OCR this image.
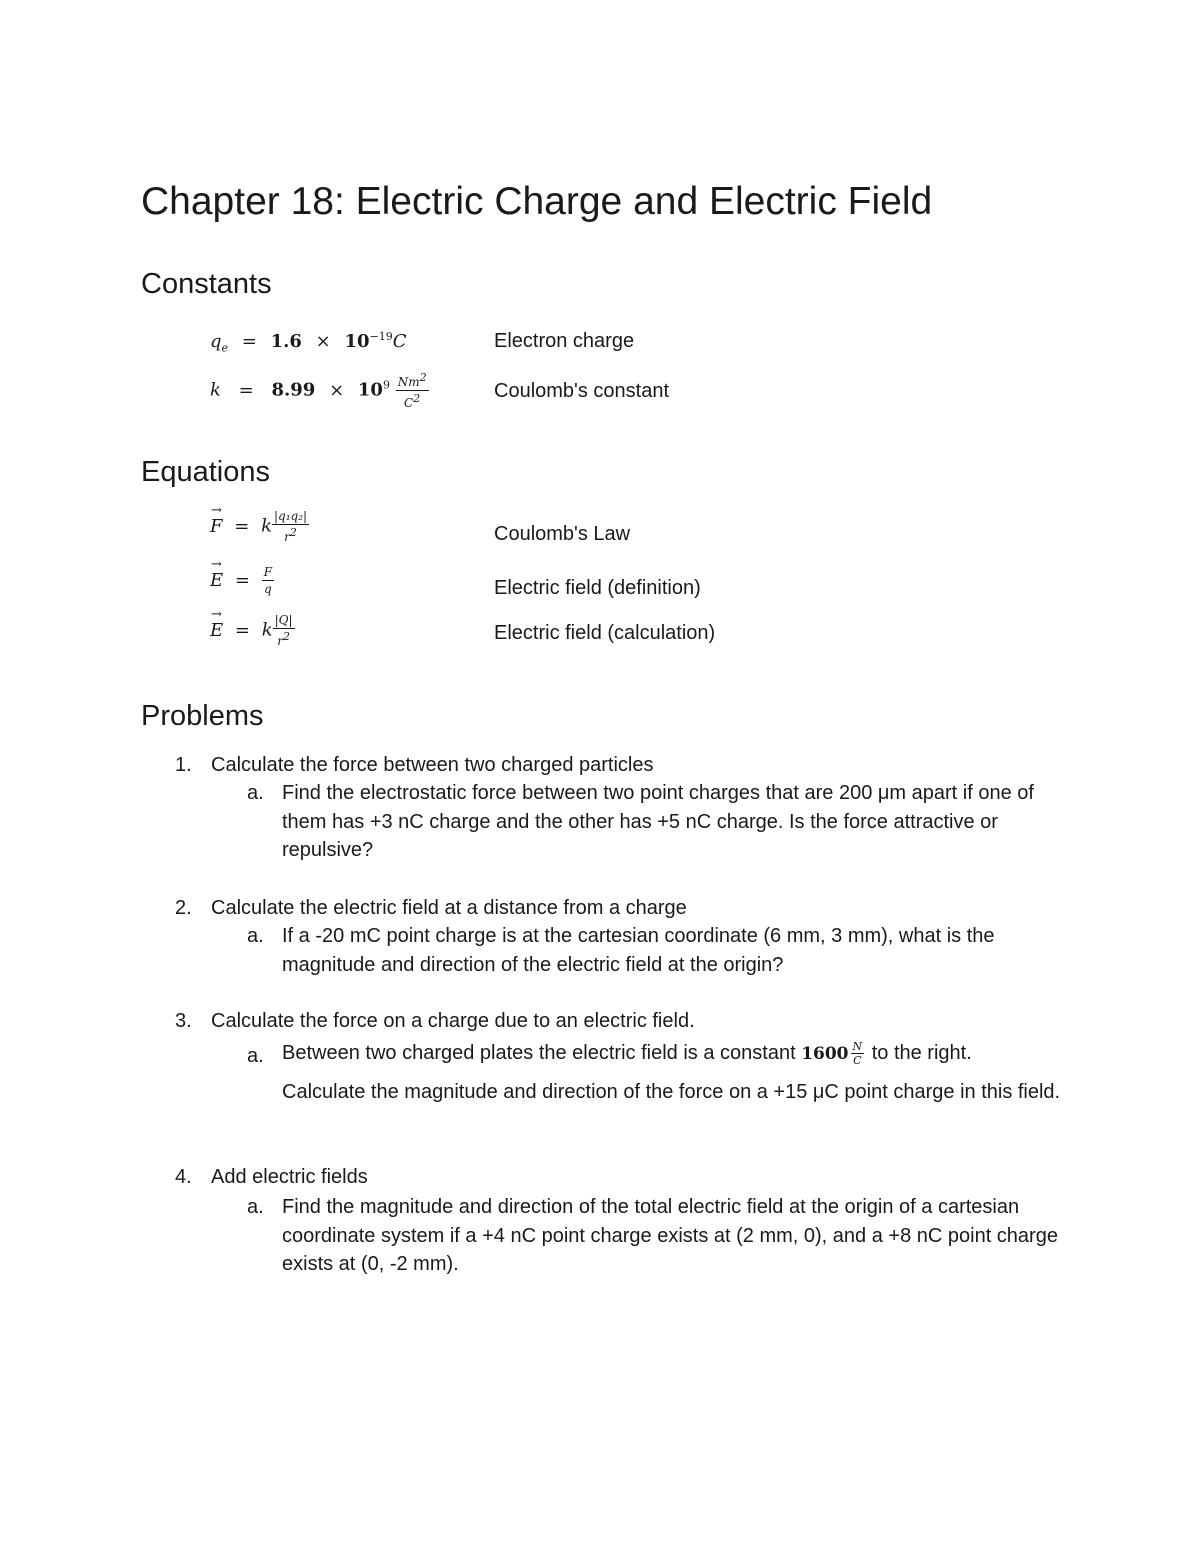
Chapter 18: Electric Charge and Electric Field
Constants
$q_e = 1.6 \times 10^{-19}C$	Electron charge
$k = 8.99 \times 10^9 \frac{Nm^2}{C^2}$	Coulomb's constant
Equations
→ F = k $\frac{\text{|q₁q₂|}}{r^2}$	Coulomb's Law
→ $E = \frac{F}{q}$	Electric field (definition)
→ E = k $\frac{|Q|}{r^2}$	Electric field (calculation)
Problems
1. Calculate the force between two charged particles
a. Find the electrostatic force between two point charges that are 200 μm apart if one of them has +3 nC charge and the other has +5 nC charge. Is the force attractive or repulsive?
2. Calculate the electric field at a distance from a charge
a. If a -20 mC point charge is at the cartesian coordinate (6 mm, 3 mm), what is the magnitude and direction of the electric field at the origin?
3. Calculate the force on a charge due to an electric field.
a. Between two charged plates the electric field is a constant $1600 \frac{N}{C}$ to the right.
Calculate the magnitude and direction of the force on a +15 μC point charge in this field.
4. Add electric fields
a. Find the magnitude and direction of the total electric field at the origin of a cartesian coordinate system if a +4 nC point charge exists at (2 mm, 0), and a +8 nC point charge exists at (0, -2 mm).
